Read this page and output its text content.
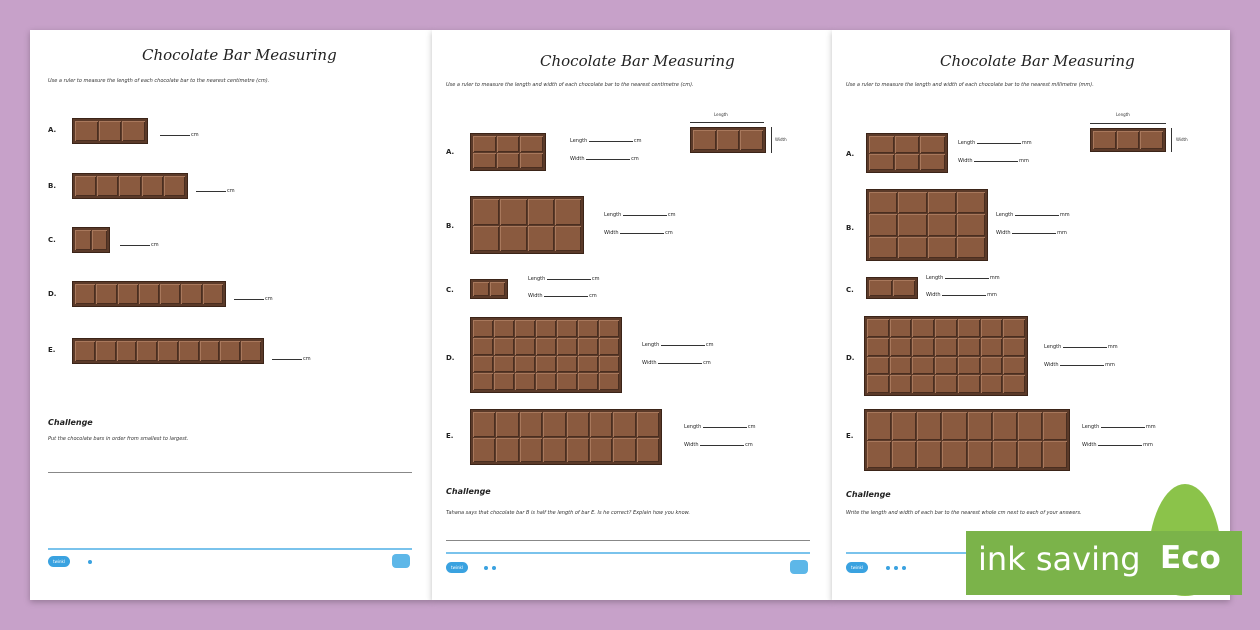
Chocolate Bar Measuring
Use a ruler to measure the length of each chocolate bar to the nearest centimetre (cm).
A.
cm
B.
cm
C.
cm
D.
cm
E.
cm
Challenge
Put the chocolate bars in order from smallest to largest.
twinkl
Chocolate Bar Measuring
Use a ruler to measure the length and width of each chocolate bar to the nearest centimetre (cm).
Length
Width
A.
Length	cm
Width	cm
B.
Length	cm
Width	cm
C.
Length	cm
Width	cm
D.
Length	cm
Width	cm
E.
Length	cm
Width	cm
Challenge
Tahana says that chocolate bar B is half the length of bar E. Is he correct? Explain how you know.
twinkl
Chocolate Bar Measuring
Use a ruler to measure the length and width of each chocolate bar to the nearest millimetre (mm).
Length
Width
A.
Length	mm
Width	mm
B.
Length	mm
Width	mm
C.
Length	mm
Width	mm
D.
Length	mm
Width	mm
E.
Length	mm
Width	mm
Challenge
Write the length and width of each bar to the nearest whole cm next to each of your answers.
twinkl	ink saving Eco
